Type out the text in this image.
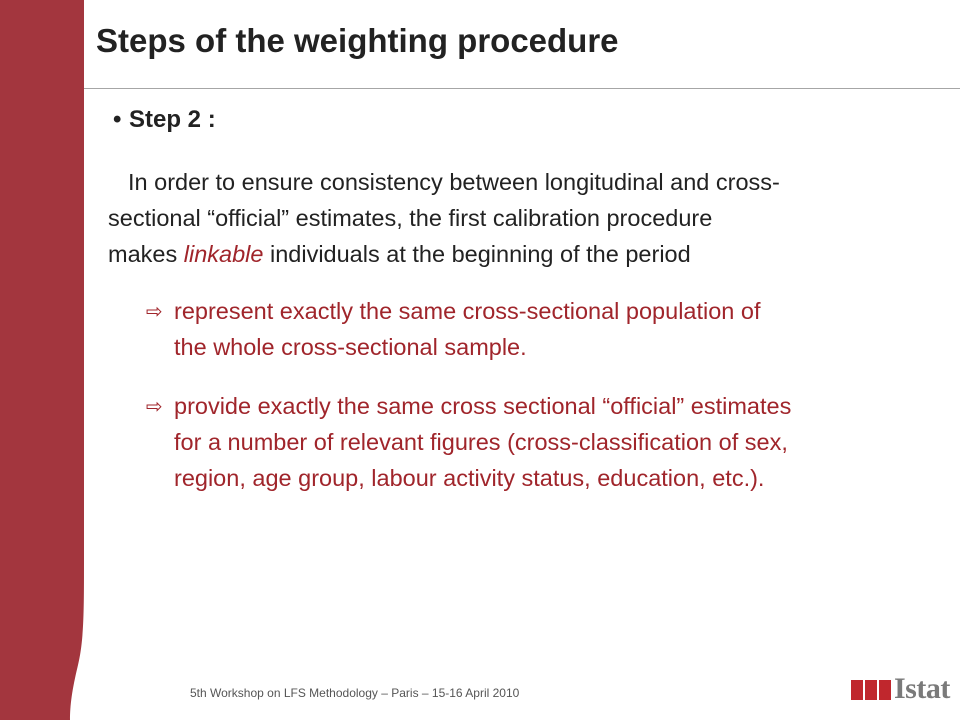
Steps of the weighting procedure
• Step 2 :
In order to ensure consistency between longitudinal and cross-
sectional “official” estimates, the first calibration procedure
makes linkable individuals at the beginning of the period
⇨ represent exactly the same cross-sectional population of
the whole cross-sectional sample.
⇨ provide exactly the same cross sectional “official” estimates
for a number of relevant figures (cross-classification of sex,
region, age group, labour activity status, education, etc.).
5th Workshop on LFS Methodology – Paris – 15-16 April 2010	Istat
